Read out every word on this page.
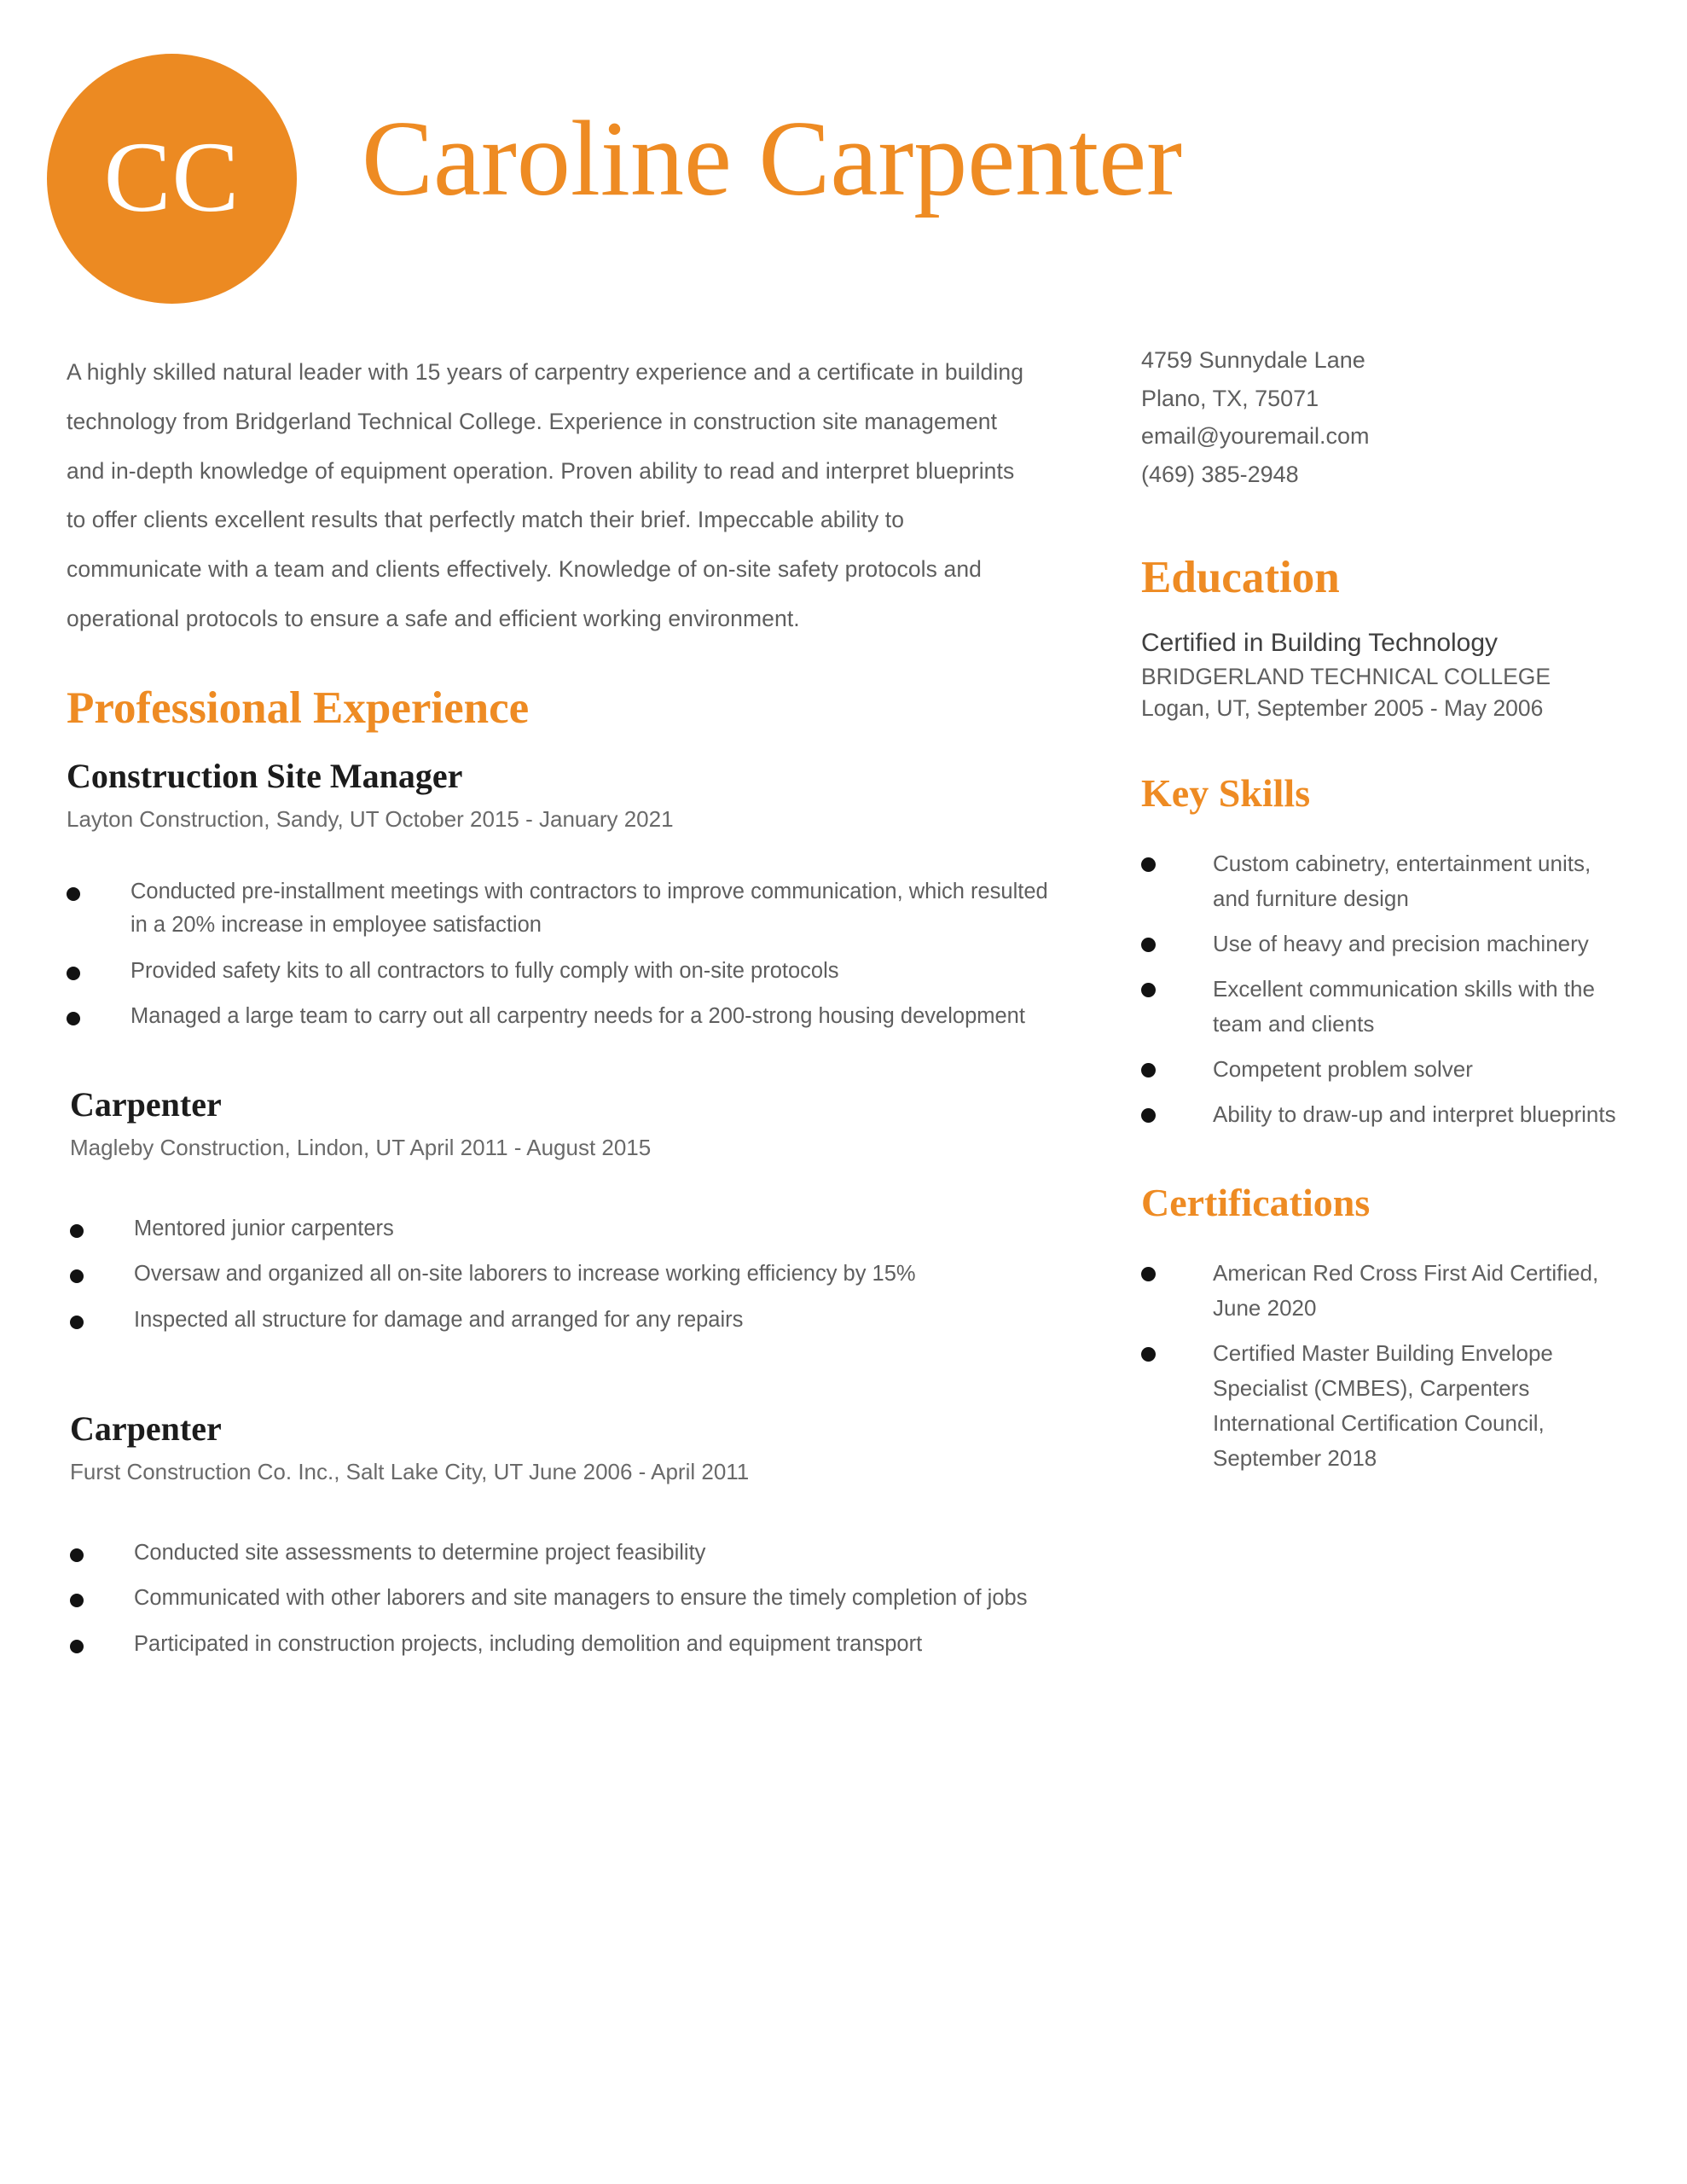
CC Caroline Carpenter
A highly skilled natural leader with 15 years of carpentry experience and a certificate in building technology from Bridgerland Technical College. Experience in construction site management and in-depth knowledge of equipment operation. Proven ability to read and interpret blueprints to offer clients excellent results that perfectly match their brief. Impeccable ability to communicate with a team and clients effectively. Knowledge of on-site safety protocols and operational protocols to ensure a safe and efficient working environment.
Professional Experience
Construction Site Manager

Layton Construction, Sandy, UT October 2015 - January 2021

Conducted pre-installment meetings with contractors to improve communication, which resulted in a 20% increase in employee satisfaction
Provided safety kits to all contractors to fully comply with on-site protocols
Managed a large team to carry out all carpentry needs for a 200-strong housing development
Carpenter

Magleby Construction, Lindon, UT April 2011 - August 2015

Mentored junior carpenters
Oversaw and organized all on-site laborers to increase working efficiency by 15%
Inspected all structure for damage and arranged for any repairs
Carpenter

Furst Construction Co. Inc., Salt Lake City, UT June 2006 - April 2011

Conducted site assessments to determine project feasibility
Communicated with other laborers and site managers to ensure the timely completion of jobs
Participated in construction projects, including demolition and equipment transport
4759 Sunnydale Lane
Plano, TX, 75071
email@youremail.com
(469) 385-2948
Education
Certified in Building Technology
BRIDGERLAND TECHNICAL COLLEGE
Logan, UT, September 2005 - May 2006
Key Skills
Custom cabinetry, entertainment units, and furniture design
Use of heavy and precision machinery
Excellent communication skills with the team and clients
Competent problem solver
Ability to draw-up and interpret blueprints
Certifications
American Red Cross First Aid Certified, June 2020
Certified Master Building Envelope Specialist (CMBES), Carpenters International Certification Council, September 2018
